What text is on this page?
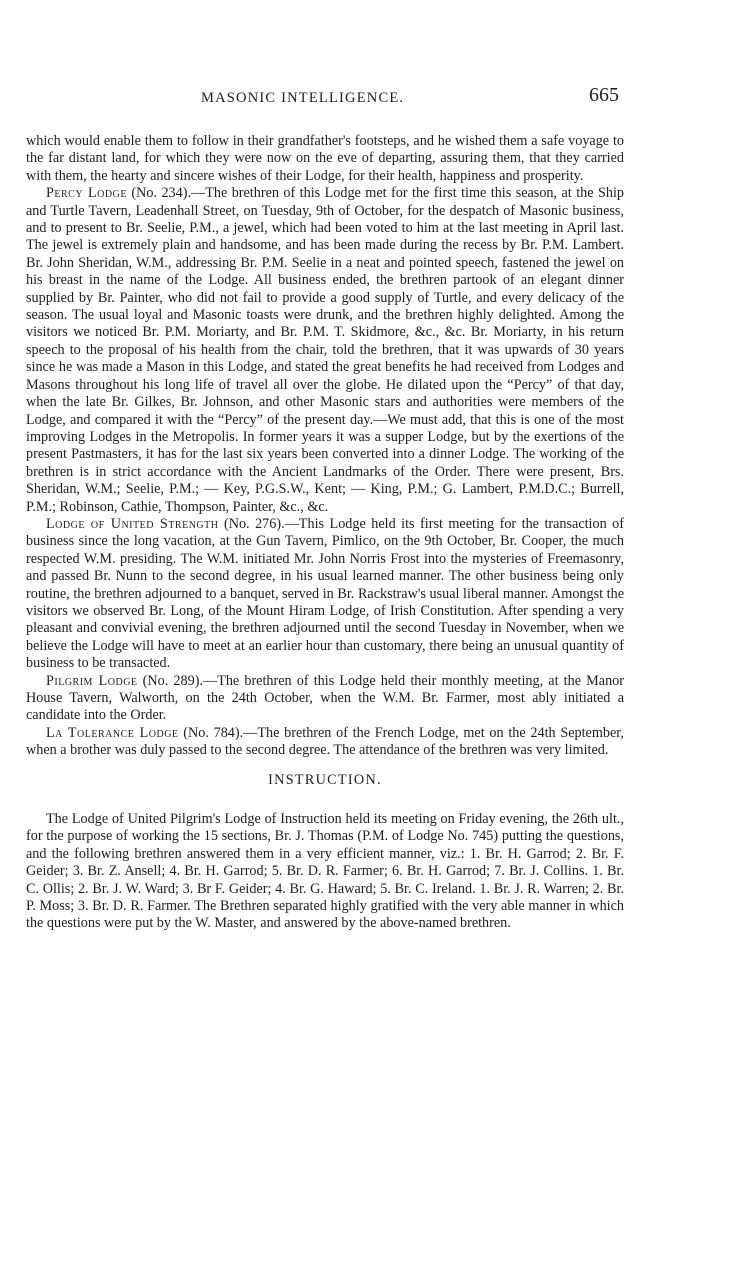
MASONIC INTELLIGENCE.	665

which would enable them to follow in their grandfather's footsteps, and he wished them a safe voyage to the far distant land, for which they were now on the eve of departing, assuring them, that they carried with them, the hearty and sincere wishes of their Lodge, for their health, happiness and prosperity.

Percy Lodge (No. 234).—The brethren of this Lodge met for the first time this season, at the Ship and Turtle Tavern, Leadenhall Street, on Tuesday, 9th of October, for the despatch of Masonic business, and to present to Br. Seelie, P.M., a jewel, which had been voted to him at the last meeting in April last. The jewel is extremely plain and handsome, and has been made during the recess by Br. P.M. Lambert. Br. John Sheridan, W.M., addressing Br. P.M. Seelie in a neat and pointed speech, fastened the jewel on his breast in the name of the Lodge. All business ended, the brethren partook of an elegant dinner supplied by Br. Painter, who did not fail to provide a good supply of Turtle, and every delicacy of the season. The usual loyal and Masonic toasts were drunk, and the brethren highly delighted. Among the visitors we noticed Br. P.M. Moriarty, and Br. P.M. T. Skidmore, &c., &c. Br. Moriarty, in his return speech to the proposal of his health from the chair, told the brethren, that it was upwards of 30 years since he was made a Mason in this Lodge, and stated the great benefits he had received from Lodges and Masons throughout his long life of travel all over the globe. He dilated upon the “Percy” of that day, when the late Br. Gilkes, Br. Johnson, and other Masonic stars and authorities were members of the Lodge, and compared it with the “Percy” of the present day.—We must add, that this is one of the most improving Lodges in the Metropolis. In former years it was a supper Lodge, but by the exertions of the present Pastmasters, it has for the last six years been converted into a dinner Lodge. The working of the brethren is in strict accordance with the Ancient Landmarks of the Order. There were present, Brs. Sheridan, W.M.; Seelie, P.M.; — Key, P.G.S.W., Kent; — King, P.M.; G. Lambert, P.M.D.C.; Burrell, P.M.; Robinson, Cathie, Thompson, Painter, &c., &c.

Lodge of United Strength (No. 276).—This Lodge held its first meeting for the transaction of business since the long vacation, at the Gun Tavern, Pimlico, on the 9th October, Br. Cooper, the much respected W.M. presiding. The W.M. initiated Mr. John Norris Frost into the mysteries of Freemasonry, and passed Br. Nunn to the second degree, in his usual learned manner. The other business being only routine, the brethren adjourned to a banquet, served in Br. Rackstraw's usual liberal manner. Amongst the visitors we observed Br. Long, of the Mount Hiram Lodge, of Irish Constitution. After spending a very pleasant and convivial evening, the brethren adjourned until the second Tuesday in November, when we believe the Lodge will have to meet at an earlier hour than customary, there being an unusual quantity of business to be transacted.

Pilgrim Lodge (No. 289).—The brethren of this Lodge held their monthly meeting, at the Manor House Tavern, Walworth, on the 24th October, when the W.M. Br. Farmer, most ably initiated a candidate into the Order.

La Tolerance Lodge (No. 784).—The brethren of the French Lodge, met on the 24th September, when a brother was duly passed to the second degree. The attendance of the brethren was very limited.

INSTRUCTION.

The Lodge of United Pilgrim's Lodge of Instruction held its meeting on Friday evening, the 26th ult., for the purpose of working the 15 sections, Br. J. Thomas (P.M. of Lodge No. 745) putting the questions, and the following brethren answered them in a very efficient manner, viz.: 1. Br. H. Garrod; 2. Br. F. Geider; 3. Br. Z. Ansell; 4. Br. H. Garrod; 5. Br. D. R. Farmer; 6. Br. H. Garrod; 7. Br. J. Collins. 1. Br. C. Ollis; 2. Br. J. W. Ward; 3. Br F. Geider; 4. Br. G. Haward; 5. Br. C. Ireland. 1. Br. J. R. Warren; 2. Br. P. Moss; 3. Br. D. R. Farmer. The Brethren separated highly gratified with the very able manner in which the questions were put by the W. Master, and answered by the above-named brethren.
